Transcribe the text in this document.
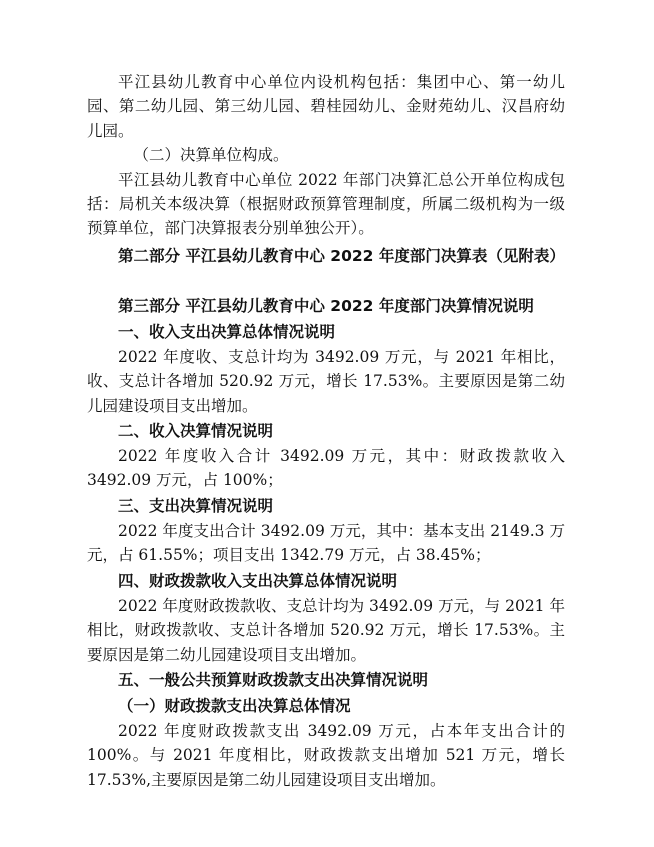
平江县幼儿教育中心单位内设机构包括：集团中心、第一幼儿园、第二幼儿园、第三幼儿园、碧桂园幼儿、金财苑幼儿、汉昌府幼儿园。

（二）决算单位构成。

平江县幼儿教育中心单位 2022 年部门决算汇总公开单位构成包括：局机关本级决算（根据财政预算管理制度，所属二级机构为一级预算单位，部门决算报表分别单独公开）。

第二部分 平江县幼儿教育中心 2022 年度部门决算表（见附表）

第三部分 平江县幼儿教育中心 2022 年度部门决算情况说明

一、收入支出决算总体情况说明

2022 年度收、支总计均为 3492.09 万元，与 2021 年相比，收、支总计各增加 520.92 万元，增长 17.53%。主要原因是第二幼儿园建设项目支出增加。

二、收入决算情况说明

2022 年度收入合计 3492.09 万元，其中：财政拨款收入 3492.09 万元，占 100%；

三、支出决算情况说明

2022 年度支出合计 3492.09 万元，其中：基本支出 2149.3 万元，占 61.55%；项目支出 1342.79 万元，占 38.45%；

四、财政拨款收入支出决算总体情况说明

2022 年度财政拨款收、支总计均为 3492.09 万元，与 2021 年相比，财政拨款收、支总计各增加 520.92 万元，增长 17.53%。主要原因是第二幼儿园建设项目支出增加。

五、一般公共预算财政拨款支出决算情况说明

（一）财政拨款支出决算总体情况

2022 年度财政拨款支出 3492.09 万元，占本年支出合计的 100%。与 2021 年度相比，财政拨款支出增加 521 万元，增长 17.53%,主要原因是第二幼儿园建设项目支出增加。
